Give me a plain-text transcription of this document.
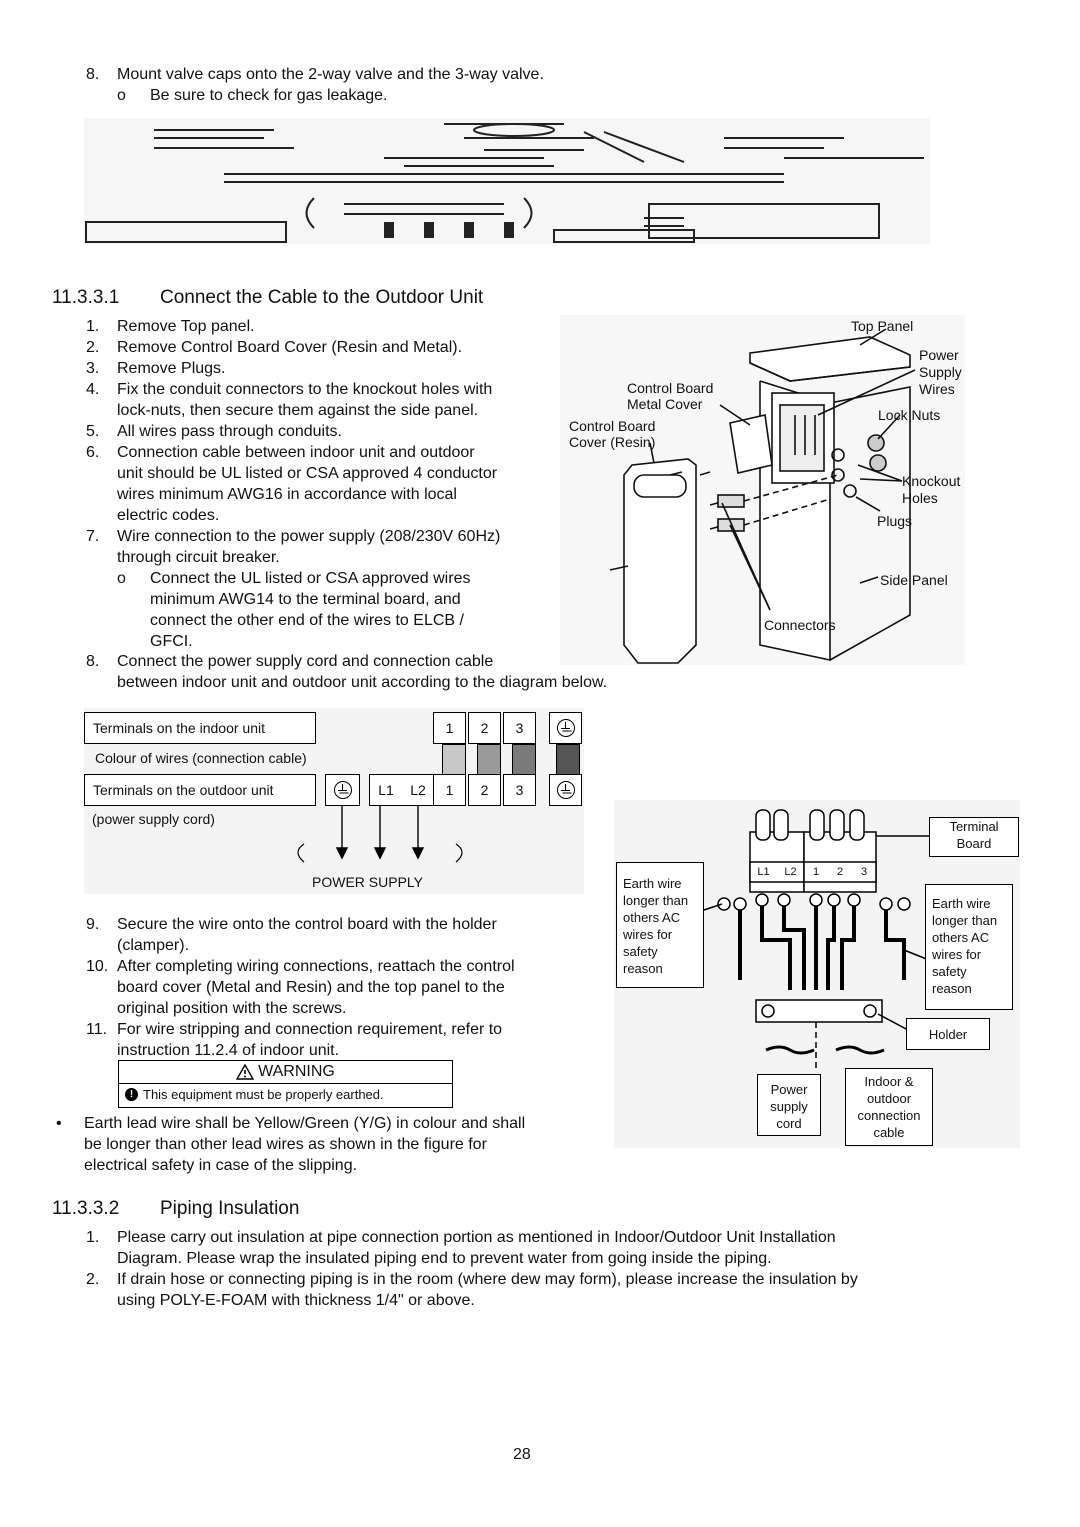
8. Mount valve caps onto the 2-way valve and the 3-way valve.
o Be sure to check for gas leakage.
11.3.3.1 Connect the Cable to the Outdoor Unit
1. Remove Top panel.
2. Remove Control Board Cover (Resin and Metal).
3. Remove Plugs.
4. Fix the conduit connectors to the knockout holes with
lock-nuts, then secure them against the side panel.
5. All wires pass through conduits.
6. Connection cable between indoor unit and outdoor
unit should be UL listed or CSA approved 4 conductor
wires minimum AWG16 in accordance with local
electric codes.
7. Wire connection to the power supply (208/230V 60Hz)
through circuit breaker.
o Connect the UL listed or CSA approved wires
minimum AWG14 to the terminal board, and
connect the other end of the wires to ELCB /
GFCI.
8. Connect the power supply cord and connection cable
between indoor unit and outdoor unit according to the diagram below.
Top Panel
Power
Supply
Wires
Control Board
Metal Cover
Lock Nuts
Control Board
Cover (Resin)
Knockout
Holes
Plugs
Side Panel
Connectors
Terminals on the indoor unit	1	2	3
Colour of wires (connection cable)
Terminals on the outdoor unit	L1 L2	1	2	3
(power supply cord)
POWER SUPPLY
L1 L2 1 2 3
Terminal
Board
Earth wire
longer than
others AC
wires for
safety
reason
Earth wire
longer than
others AC
wires for
safety
reason
Holder
Power
supply
cord
Indoor &
outdoor
connection
cable
9. Secure the wire onto the control board with the holder
(clamper).
10. After completing wiring connections, reattach the control
board cover (Metal and Resin) and the top panel to the
original position with the screws.
11. For wire stripping and connection requirement, refer to
instruction 11.2.4 of indoor unit.
WARNING
! This equipment must be properly earthed.
• Earth lead wire shall be Yellow/Green (Y/G) in colour and shall
be longer than other lead wires as shown in the figure for
electrical safety in case of the slipping.
11.3.3.2 Piping Insulation
1. Please carry out insulation at pipe connection portion as mentioned in Indoor/Outdoor Unit Installation
Diagram. Please wrap the insulated piping end to prevent water from going inside the piping.
2. If drain hose or connecting piping is in the room (where dew may form), please increase the insulation by
using POLY-E-FOAM with thickness 1/4" or above.
28
